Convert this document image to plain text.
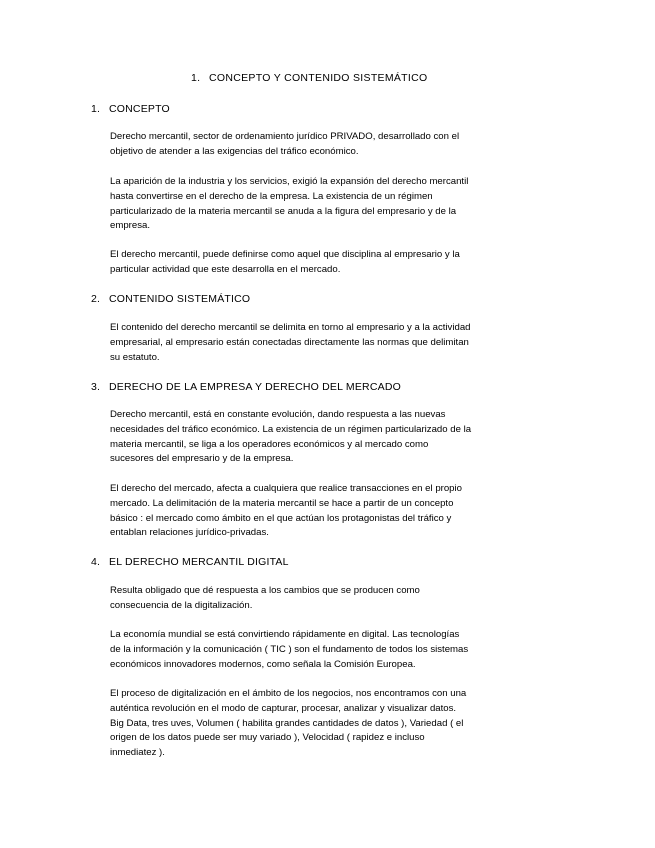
1. CONCEPTO Y CONTENIDO SISTEMÁTICO
1. CONCEPTO
Derecho mercantil, sector de ordenamiento jurídico PRIVADO, desarrollado con el
objetivo de atender a las exigencias del tráfico económico.
La aparición de la industria y los servicios, exigió la expansión del derecho mercantil
hasta convertirse en el derecho de la empresa. La existencia de un régimen
particularizado de la materia mercantil se anuda a la figura del empresario y de la
empresa.
El derecho mercantil, puede definirse como aquel que disciplina al empresario y la
particular actividad que este desarrolla en el mercado.
2. CONTENIDO SISTEMÁTICO
El contenido del derecho mercantil se delimita en torno al empresario y a la actividad
empresarial, al empresario están conectadas directamente las normas que delimitan
su estatuto.
3. DERECHO DE LA EMPRESA Y DERECHO DEL MERCADO
Derecho mercantil, está en constante evolución, dando respuesta a las nuevas
necesidades del tráfico económico. La existencia de un régimen particularizado de la
materia mercantil, se liga a los operadores económicos y al mercado como
sucesores del empresario y de la empresa.
El derecho del mercado, afecta a cualquiera que realice transacciones en el propio
mercado. La delimitación de la materia mercantil se hace a partir de un concepto
básico : el mercado como ámbito en el que actúan los protagonistas del tráfico y
entablan relaciones jurídico-privadas.
4. EL DERECHO MERCANTIL DIGITAL
Resulta obligado que dé respuesta a los cambios que se producen como
consecuencia de la digitalización.
La economía mundial se está convirtiendo rápidamente en digital. Las tecnologías
de la información y la comunicación ( TIC ) son el fundamento de todos los sistemas
económicos innovadores modernos, como señala la Comisión Europea.
El proceso de digitalización en el ámbito de los negocios, nos encontramos con una
auténtica revolución en el modo de capturar, procesar, analizar y visualizar datos.
Big Data, tres uves, Volumen ( habilita grandes cantidades de datos ), Variedad ( el
origen de los datos puede ser muy variado ), Velocidad ( rapidez e incluso
inmediatez ).
